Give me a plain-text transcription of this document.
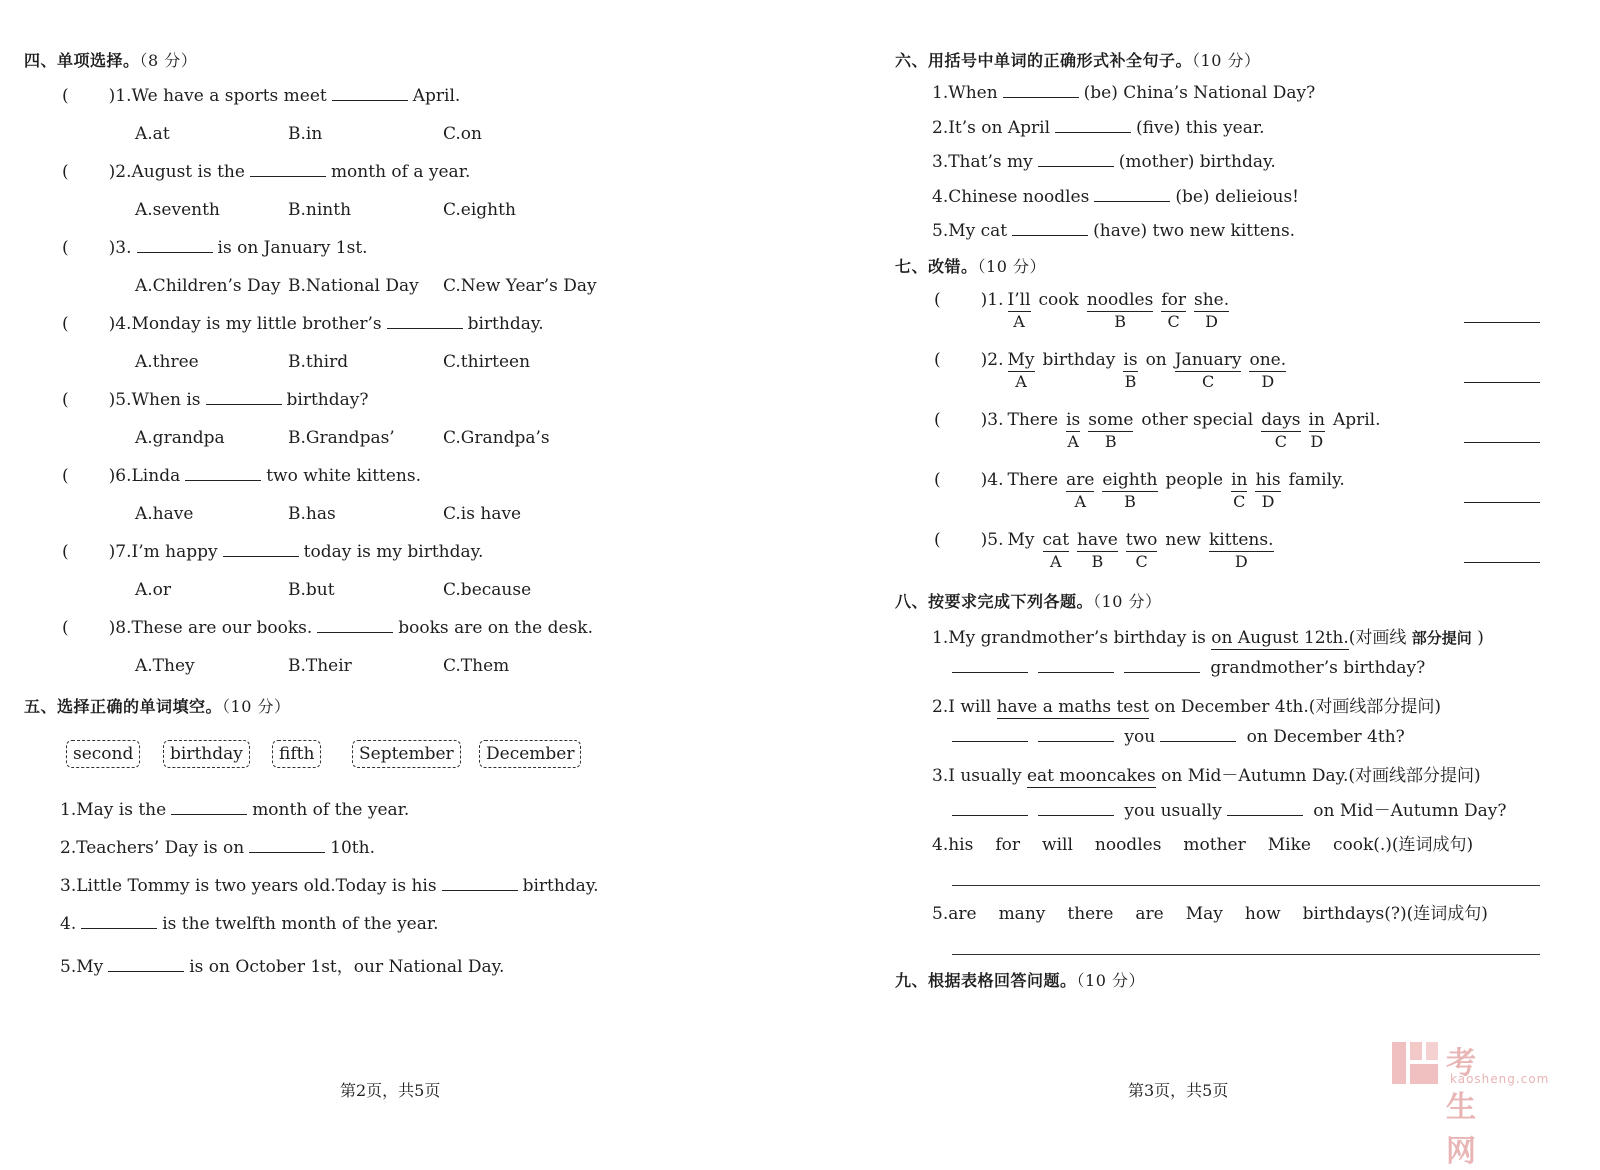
四、单项选择。（8 分）
( )1.We have a sports meet	April.
A.at	B.in	C.on
( )2.August is the	month of a year.
A.seventh	B.ninth	C.eighth
( )3.	is on January 1st.
A.Children’s Day B.National Day C.New Year’s Day
( )4.Monday is my little brother’s	birthday.
A.three	B.third	C.thirteen
( )5.When is	birthday?
A.grandpa	B.Grandpas’	C.Grandpa’s
( )6.Linda	two white kittens.
A.have	B.has	C.is have
( )7.I’m happy	today is my birthday.
A.or	B.but	C.because
( )8.These are our books.	books are on the desk.
A.They	B.Their	C.Them
五、选择正确的单词填空。（10 分）
second	birthday	fifth	September	December
1.May is the	month of the year.
2.Teachers’ Day is on	10th.
3.Little Tommy is two years old.Today is his	birthday.
4.	is the twelfth month of the year.
5.My	is on October 1st，our National Day.
第2页，共5页
六、用括号中单词的正确形式补全句子。（10 分）
1.When	(be) China’s National Day?
2.It’s on April	(five) this year.
3.That’s my	(mother) birthday.
4.Chinese noodles	(be) delieious!
5.My cat	(have) two new kittens.
七、改错。（10 分）
( )1. $\frac{I’ll}{A}$ cook noodles
B
for
C
she.
D
( )2. $\frac{My}{A}$ birthday $\frac{is}{B}$ on January
C
one.
D
( )3. There $\frac{is}{A}$ some
B
other special days
C
$\frac{in}{D}$ April.
( )4. There are
A
eighth
B
people $\frac{in}{C}$ his
D
family.
( )5. My cat
A
have
B
two
C
new kittens.
D
八、按要求完成下列各题。（10 分）
1.My grandmother’s birthday is on August 12th.(对画线 部分提问 )
grandmother’s birthday?
2.I will have a maths test on December 4th.(对画线部分提问)
you	on December 4th?
3.I usually eat mooncakes on Mid－Autumn Day.(对画线部分提问)
you usually	on Mid－Autumn Day?
4.his for will noodles mother Mike cook(.)(连词成句)
5.are many there are May how birthdays(?)(连词成句)
九、根据表格回答问题。（10 分）
第3页，共5页
考生网
kaosheng.com
